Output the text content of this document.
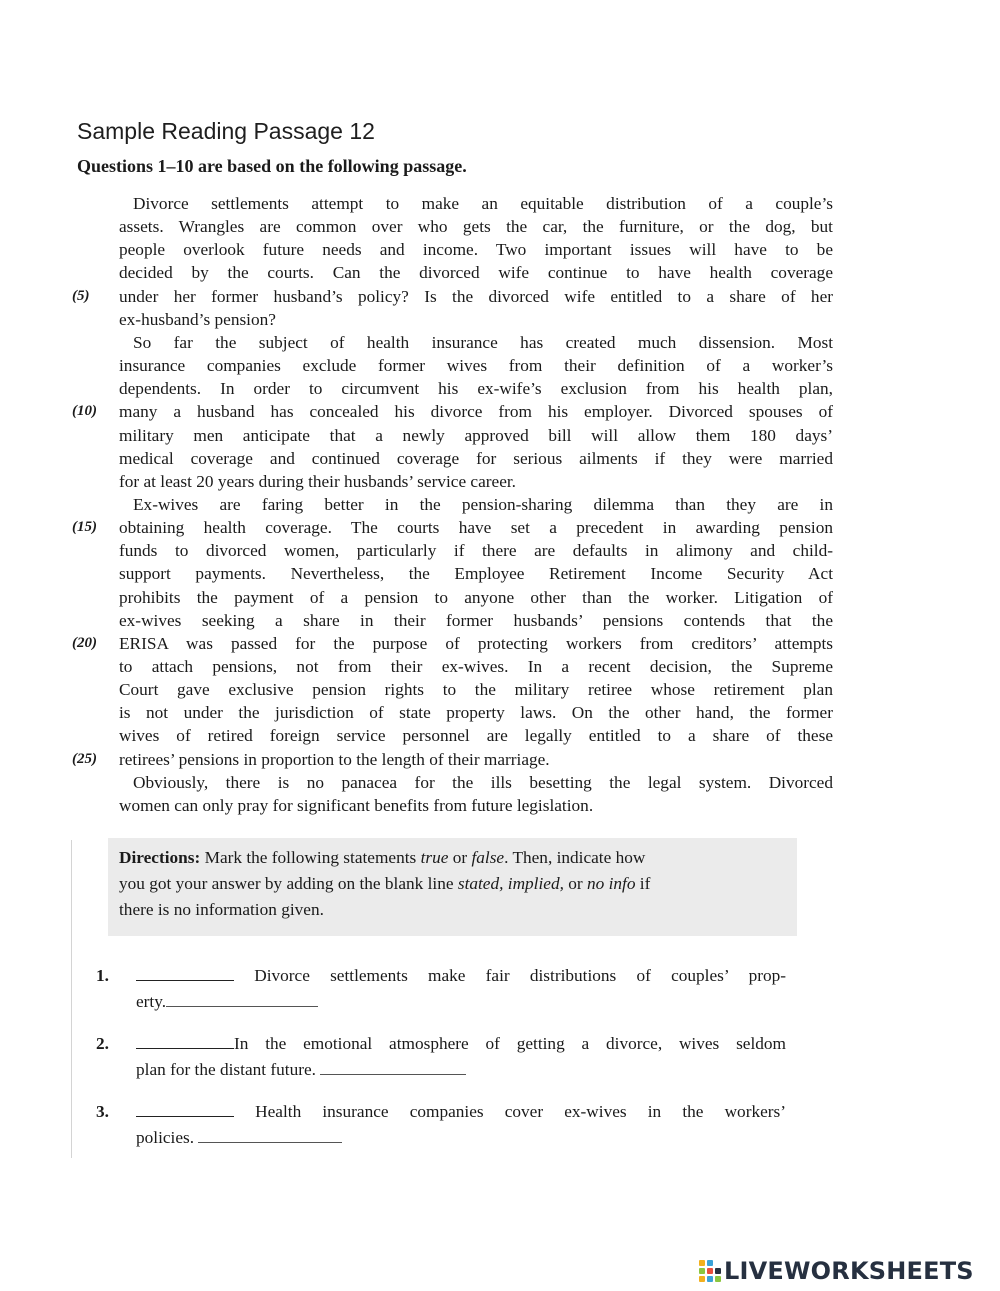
Sample Reading Passage 12
Questions 1–10 are based on the following passage.
Divorce settlements attempt to make an equitable distribution of a couple’s
assets. Wrangles are common over who gets the car, the furniture, or the dog, but
people overlook future needs and income. Two important issues will have to be
decided by the courts. Can the divorced wife continue to have health coverage
under her former husband’s policy? Is the divorced wife entitled to a share of her
(5)
ex-husband’s pension?
So far the subject of health insurance has created much dissension. Most
insurance companies exclude former wives from their definition of a worker’s
dependents. In order to circumvent his ex-wife’s exclusion from his health plan,
many a husband has concealed his divorce from his employer. Divorced spouses of
(10)
military men anticipate that a newly approved bill will allow them 180 days’
medical coverage and continued coverage for serious ailments if they were married
for at least 20 years during their husbands’ service career.
Ex-wives are faring better in the pension-sharing dilemma than they are in
obtaining health coverage. The courts have set a precedent in awarding pension
(15)
funds to divorced women, particularly if there are defaults in alimony and child-
support payments. Nevertheless, the Employee Retirement Income Security Act
prohibits the payment of a pension to anyone other than the worker. Litigation of
ex-wives seeking a share in their former husbands’ pensions contends that the
ERISA was passed for the purpose of protecting workers from creditors’ attempts
(20)
to attach pensions, not from their ex-wives. In a recent decision, the Supreme
Court gave exclusive pension rights to the military retiree whose retirement plan
is not under the jurisdiction of state property laws. On the other hand, the former
wives of retired foreign service personnel are legally entitled to a share of these
retirees’ pensions in proportion to the length of their marriage.
(25)
Obviously, there is no panacea for the ills besetting the legal system. Divorced
women can only pray for significant benefits from future legislation.
Directions: Mark the following statements true or false. Then, indicate how
you got your answer by adding on the blank line stated, implied, or no info if
there is no information given.
1.	Divorce settlements make fair distributions of couples’ prop-
erty.
2.	In the emotional atmosphere of getting a divorce, wives seldom
plan for the distant future.
3.	Health insurance companies cover ex-wives in the workers’
policies.
LIVEWORKSHEETS
